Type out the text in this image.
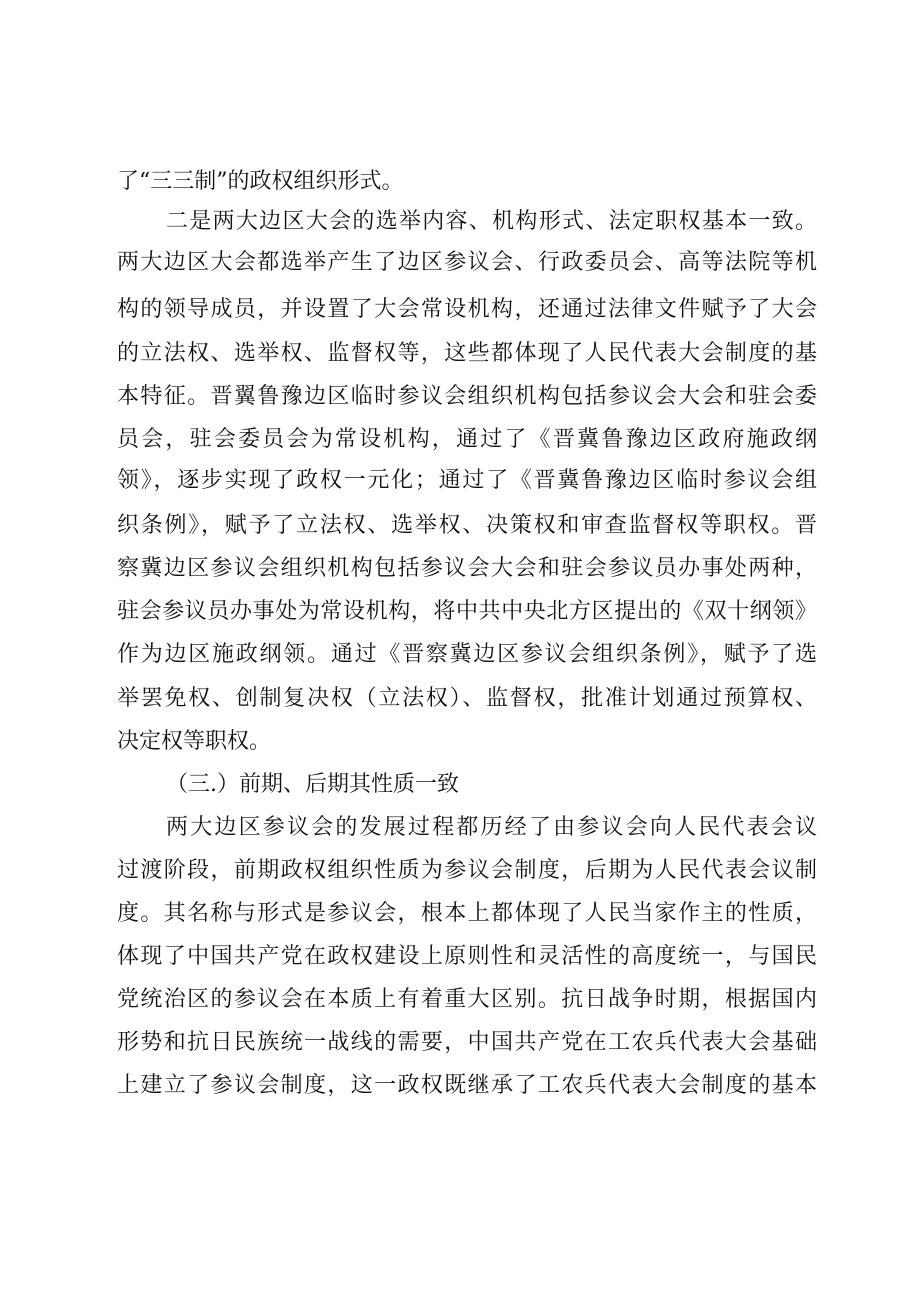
了“三三制”的政权组织形式。
二是两大边区大会的选举内容、机构形式、法定职权基本一致。
两大边区大会都选举产生了边区参议会、行政委员会、高等法院等机
构的领导成员，并设置了大会常设机构，还通过法律文件赋予了大会
的立法权、选举权、监督权等，这些都体现了人民代表大会制度的基
本特征。晋翼鲁豫边区临时参议会组织机构包括参议会大会和驻会委
员会，驻会委员会为常设机构，通过了《晋冀鲁豫边区政府施政纲
领》，逐步实现了政权一元化；通过了《晋冀鲁豫边区临时参议会组
织条例》，赋予了立法权、选举权、决策权和审查监督权等职权。晋
察冀边区参议会组织机构包括参议会大会和驻会参议员办事处两种，
驻会参议员办事处为常设机构，将中共中央北方区提出的《双十纲领》
作为边区施政纲领。通过《晋察冀边区参议会组织条例》，赋予了选
举罢免权、创制复决权（立法权）、监督权，批准计划通过预算权、
决定权等职权。
（三.）前期、后期其性质一致
两大边区参议会的发展过程都历经了由参议会向人民代表会议
过渡阶段，前期政权组织性质为参议会制度，后期为人民代表会议制
度。其名称与形式是参议会，根本上都体现了人民当家作主的性质，
体现了中国共产党在政权建设上原则性和灵活性的高度统一，与国民
党统治区的参议会在本质上有着重大区别。抗日战争时期，根据国内
形势和抗日民族统一战线的需要，中国共产党在工农兵代表大会基础
上建立了参议会制度，这一政权既继承了工农兵代表大会制度的基本
